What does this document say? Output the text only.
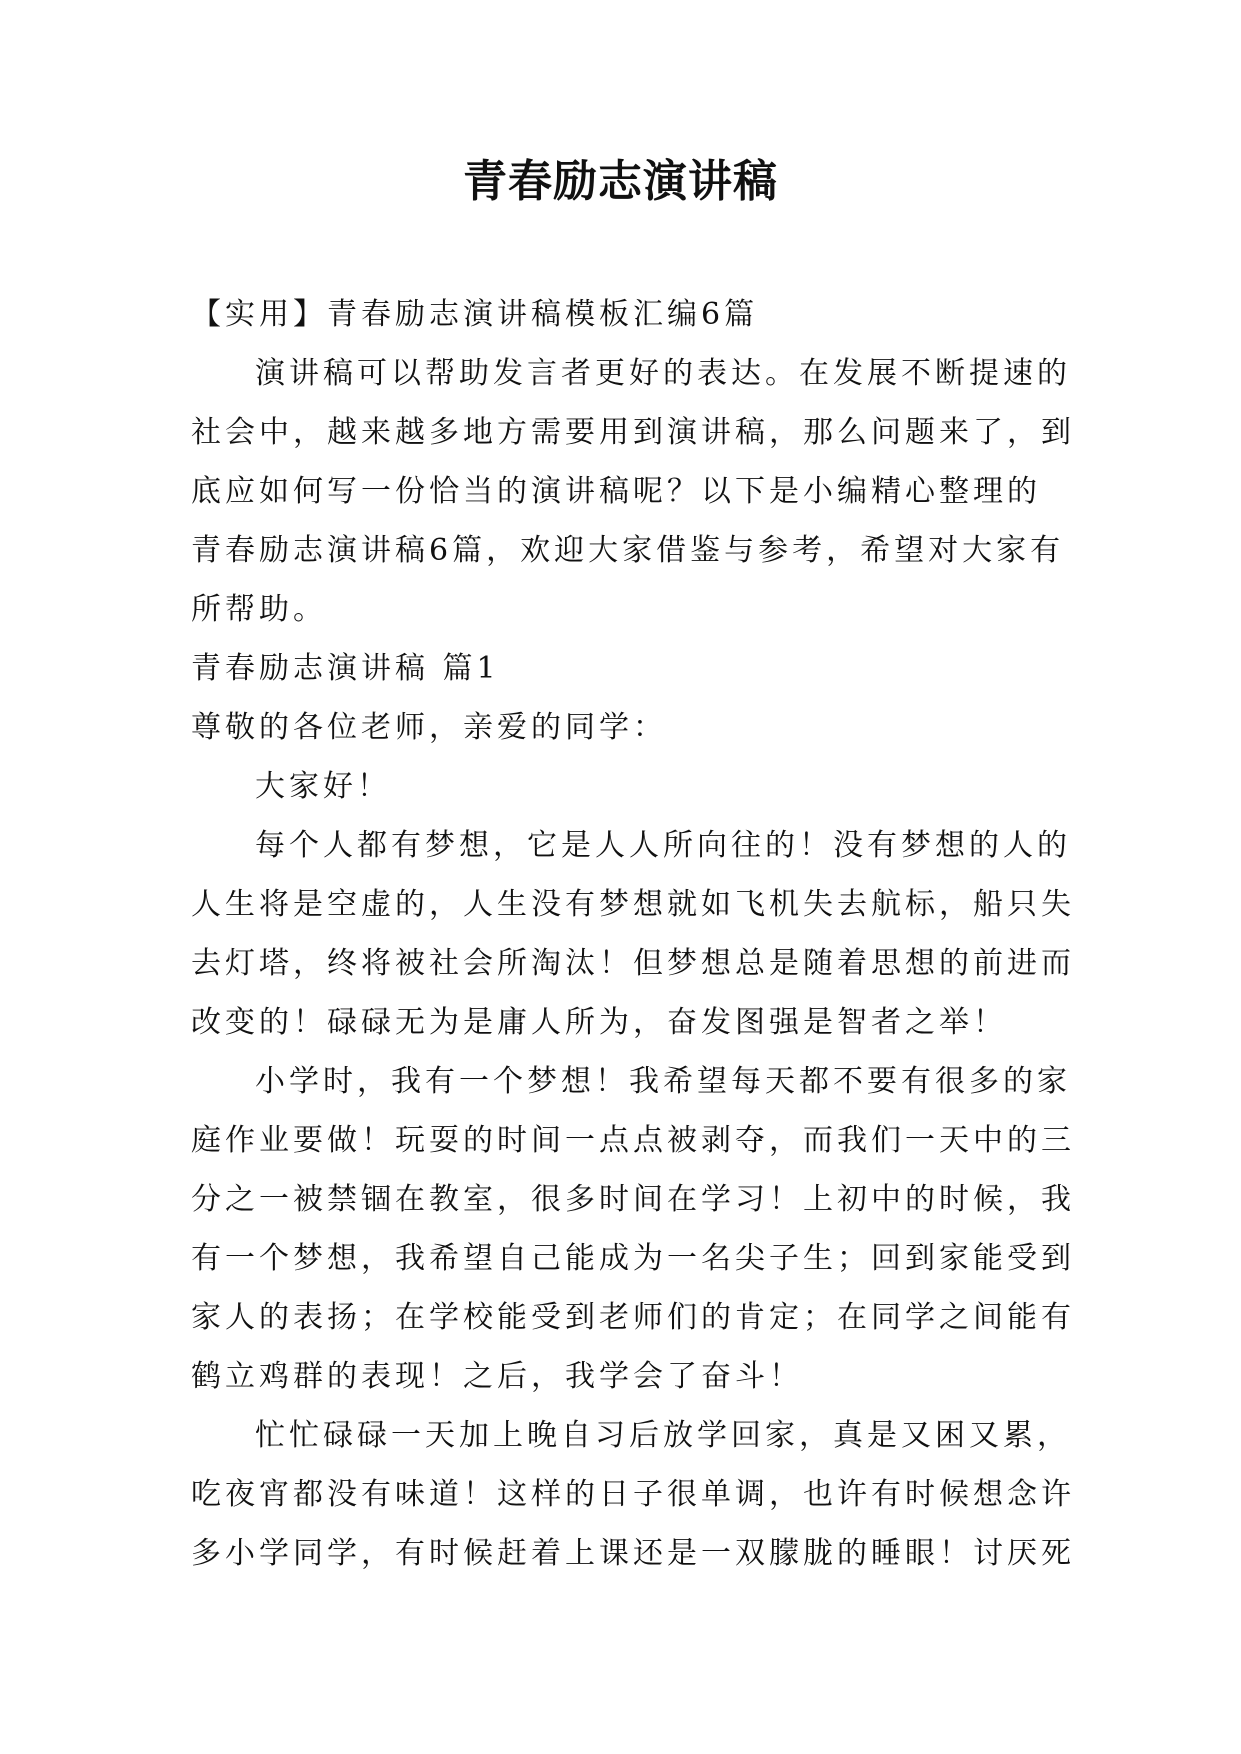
青春励志演讲稿
【实用】青春励志演讲稿模板汇编6篇
演讲稿可以帮助发言者更好的表达。在发展不断提速的
社会中，越来越多地方需要用到演讲稿，那么问题来了，到
底应如何写一份恰当的演讲稿呢？以下是小编精心整理的
青春励志演讲稿6篇，欢迎大家借鉴与参考，希望对大家有
所帮助。
青春励志演讲稿 篇1
尊敬的各位老师，亲爱的同学：
大家好！
每个人都有梦想，它是人人所向往的！没有梦想的人的
人生将是空虚的，人生没有梦想就如飞机失去航标，船只失
去灯塔，终将被社会所淘汰！但梦想总是随着思想的前进而
改变的！碌碌无为是庸人所为，奋发图强是智者之举！
小学时，我有一个梦想！我希望每天都不要有很多的家
庭作业要做！玩耍的时间一点点被剥夺，而我们一天中的三
分之一被禁锢在教室，很多时间在学习！上初中的时候，我
有一个梦想，我希望自己能成为一名尖子生；回到家能受到
家人的表扬；在学校能受到老师们的肯定；在同学之间能有
鹤立鸡群的表现！之后，我学会了奋斗！
忙忙碌碌一天加上晚自习后放学回家，真是又困又累，
吃夜宵都没有味道！这样的日子很单调，也许有时候想念许
多小学同学，有时候赶着上课还是一双朦胧的睡眼！讨厌死
